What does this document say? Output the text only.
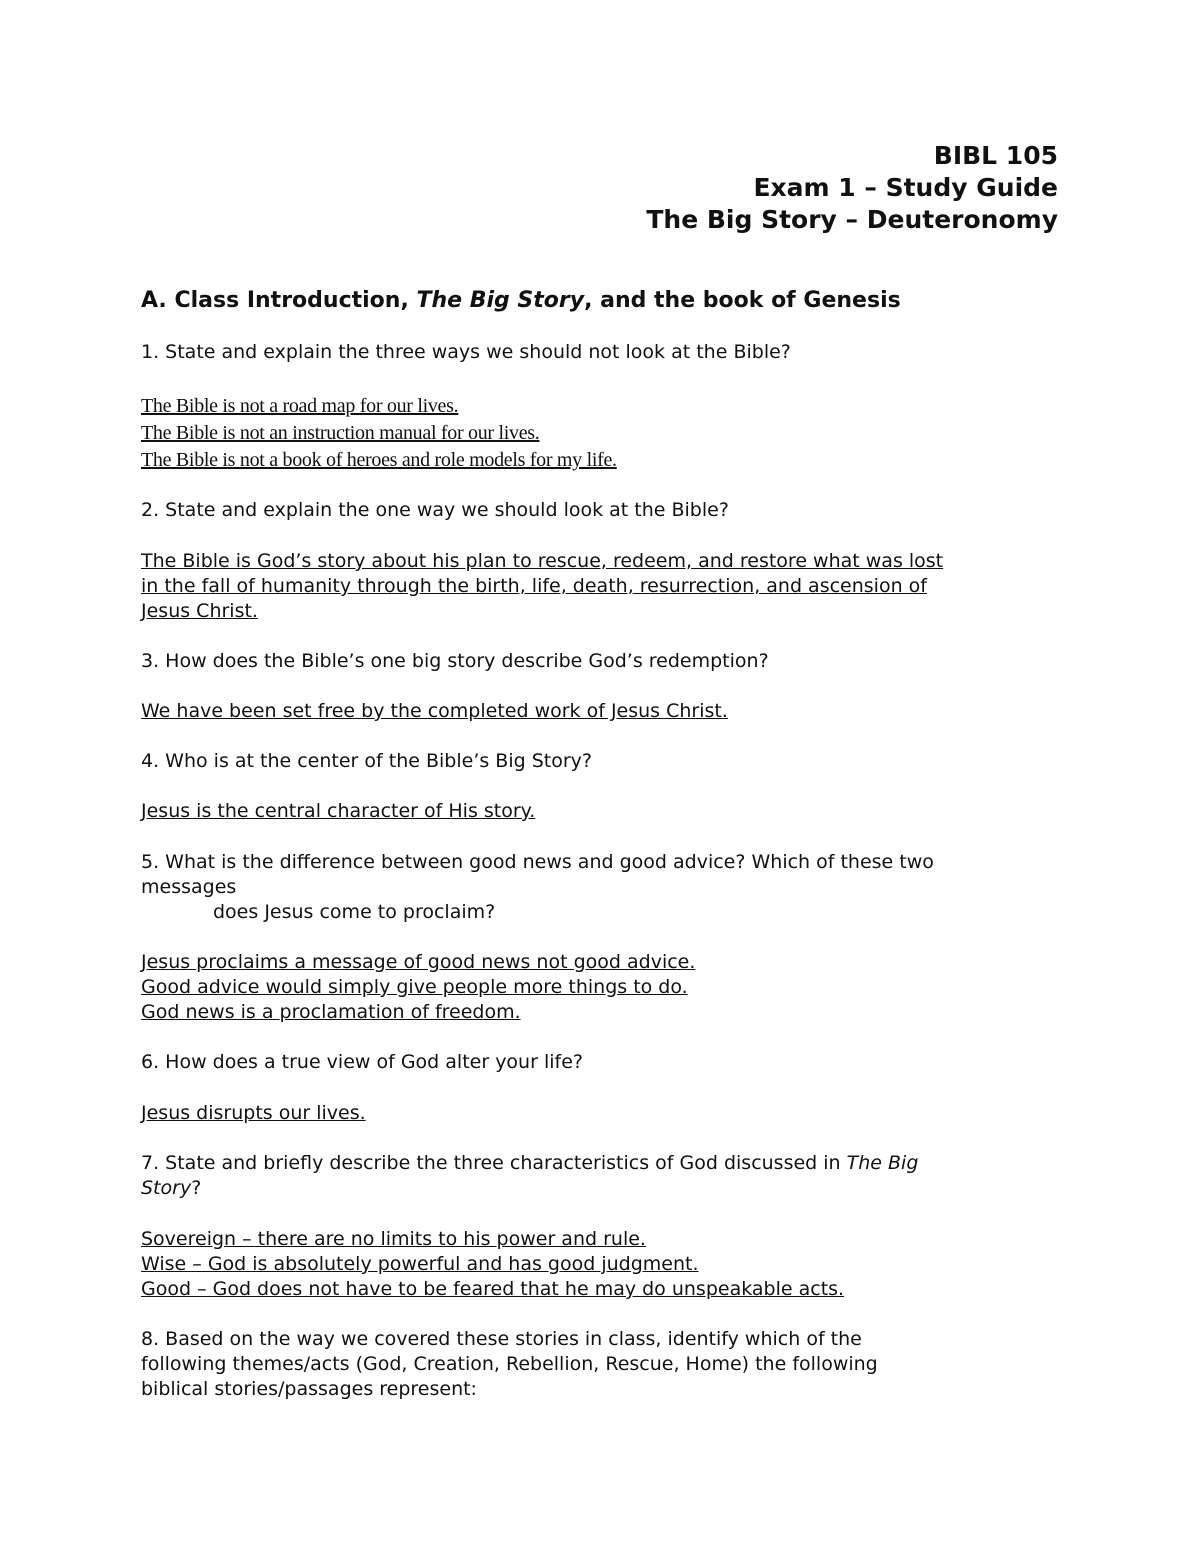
BIBL 105
Exam 1 – Study Guide
The Big Story – Deuteronomy
A. Class Introduction, The Big Story, and the book of Genesis
1. State and explain the three ways we should not look at the Bible?
The Bible is not a road map for our lives.
The Bible is not an instruction manual for our lives.
The Bible is not a book of heroes and role models for my life.
2. State and explain the one way we should look at the Bible?
The Bible is God’s story about his plan to rescue, redeem, and restore what was lost
in the fall of humanity through the birth, life, death, resurrection, and ascension of
Jesus Christ.
3. How does the Bible’s one big story describe God’s redemption?
We have been set free by the completed work of Jesus Christ.
4. Who is at the center of the Bible’s Big Story?
Jesus is the central character of His story.
5. What is the difference between good news and good advice? Which of these two
messages
does Jesus come to proclaim?
Jesus proclaims a message of good news not good advice.
Good advice would simply give people more things to do.
God news is a proclamation of freedom.
6. How does a true view of God alter your life?
Jesus disrupts our lives.
7. State and briefly describe the three characteristics of God discussed in The Big
Story?
Sovereign – there are no limits to his power and rule.
Wise – God is absolutely powerful and has good judgment.
Good – God does not have to be feared that he may do unspeakable acts.
8. Based on the way we covered these stories in class, identify which of the
following themes/acts (God, Creation, Rebellion, Rescue, Home) the following
biblical stories/passages represent:
